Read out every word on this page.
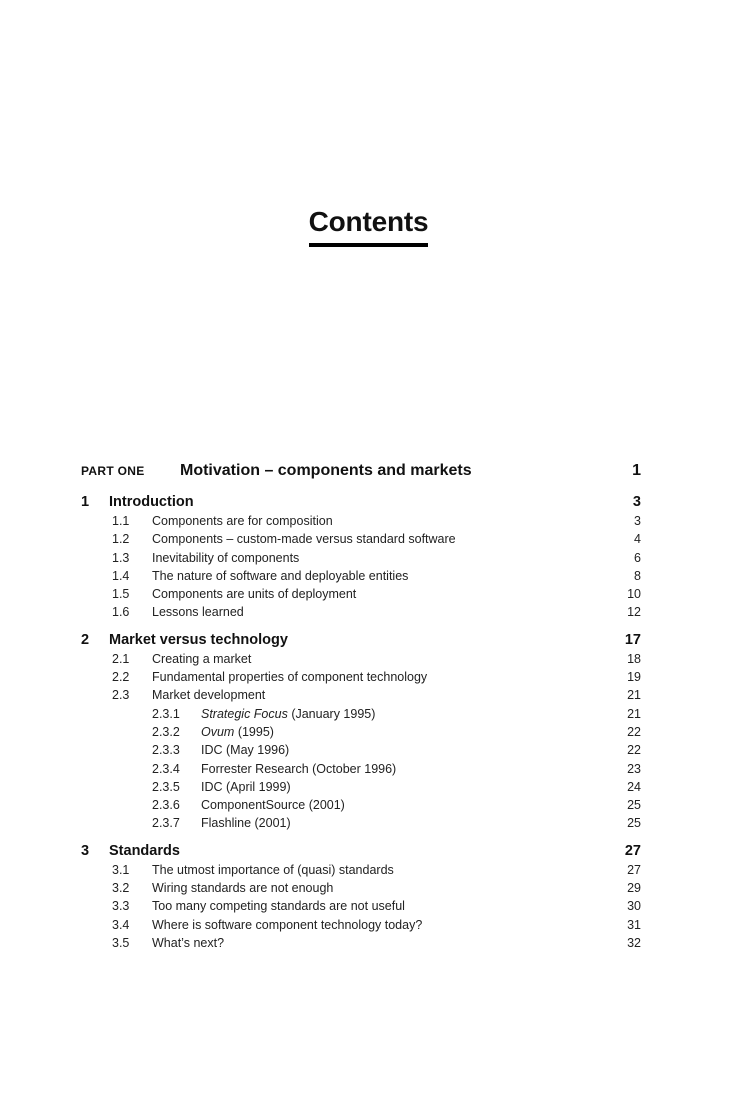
Contents
PART ONE	Motivation – components and markets	1
1	Introduction	3
1.1	Components are for composition	3
1.2	Components – custom-made versus standard software	4
1.3	Inevitability of components	6
1.4	The nature of software and deployable entities	8
1.5	Components are units of deployment	10
1.6	Lessons learned	12
2	Market versus technology	17
2.1	Creating a market	18
2.2	Fundamental properties of component technology	19
2.3	Market development	21
2.3.1	Strategic Focus (January 1995)	21
2.3.2	Ovum (1995)	22
2.3.3	IDC (May 1996)	22
2.3.4	Forrester Research (October 1996)	23
2.3.5	IDC (April 1999)	24
2.3.6	ComponentSource (2001)	25
2.3.7	Flashline (2001)	25
3	Standards	27
3.1	The utmost importance of (quasi) standards	27
3.2	Wiring standards are not enough	29
3.3	Too many competing standards are not useful	30
3.4	Where is software component technology today?	31
3.5	What’s next?	32
